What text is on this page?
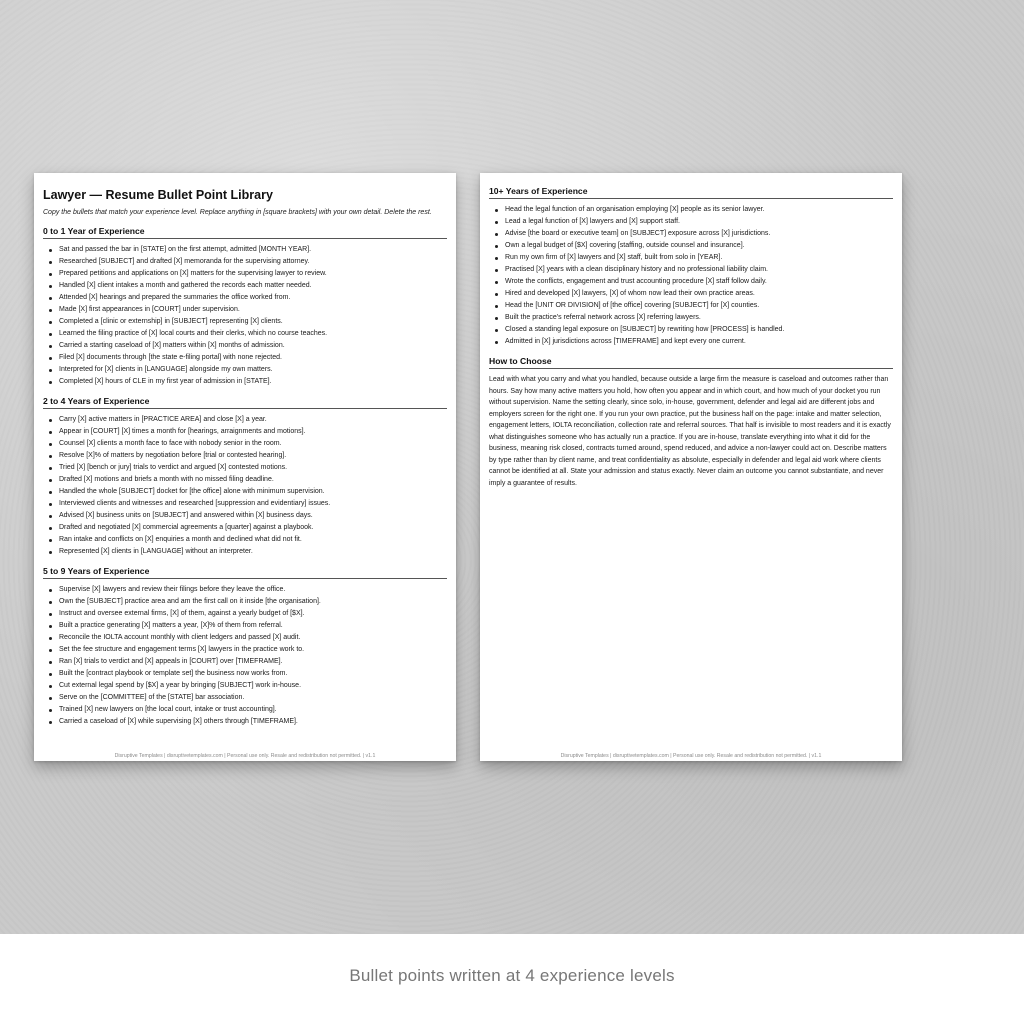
Lawyer — Resume Bullet Point Library
Copy the bullets that match your experience level. Replace anything in [square brackets] with your own detail. Delete the rest.
0 to 1 Year of Experience
Sat and passed the bar in [STATE] on the first attempt, admitted [MONTH YEAR].
Researched [SUBJECT] and drafted [X] memoranda for the supervising attorney.
Prepared petitions and applications on [X] matters for the supervising lawyer to review.
Handled [X] client intakes a month and gathered the records each matter needed.
Attended [X] hearings and prepared the summaries the office worked from.
Made [X] first appearances in [COURT] under supervision.
Completed a [clinic or externship] in [SUBJECT] representing [X] clients.
Learned the filing practice of [X] local courts and their clerks, which no course teaches.
Carried a starting caseload of [X] matters within [X] months of admission.
Filed [X] documents through [the state e-filing portal] with none rejected.
Interpreted for [X] clients in [LANGUAGE] alongside my own matters.
Completed [X] hours of CLE in my first year of admission in [STATE].
2 to 4 Years of Experience
Carry [X] active matters in [PRACTICE AREA] and close [X] a year.
Appear in [COURT] [X] times a month for [hearings, arraignments and motions].
Counsel [X] clients a month face to face with nobody senior in the room.
Resolve [X]% of matters by negotiation before [trial or contested hearing].
Tried [X] [bench or jury] trials to verdict and argued [X] contested motions.
Drafted [X] motions and briefs a month with no missed filing deadline.
Handled the whole [SUBJECT] docket for [the office] alone with minimum supervision.
Interviewed clients and witnesses and researched [suppression and evidentiary] issues.
Advised [X] business units on [SUBJECT] and answered within [X] business days.
Drafted and negotiated [X] commercial agreements a [quarter] against a playbook.
Ran intake and conflicts on [X] enquiries a month and declined what did not fit.
Represented [X] clients in [LANGUAGE] without an interpreter.
5 to 9 Years of Experience
Supervise [X] lawyers and review their filings before they leave the office.
Own the [SUBJECT] practice area and am the first call on it inside [the organisation].
Instruct and oversee external firms, [X] of them, against a yearly budget of [$X].
Built a practice generating [X] matters a year, [X]% of them from referral.
Reconcile the IOLTA account monthly with client ledgers and passed [X] audit.
Set the fee structure and engagement terms [X] lawyers in the practice work to.
Ran [X] trials to verdict and [X] appeals in [COURT] over [TIMEFRAME].
Built the [contract playbook or template set] the business now works from.
Cut external legal spend by [$X] a year by bringing [SUBJECT] work in-house.
Serve on the [COMMITTEE] of the [STATE] bar association.
Trained [X] new lawyers on [the local court, intake or trust accounting].
Carried a caseload of [X] while supervising [X] others through [TIMEFRAME].
Disruptive Templates | disruptivetemplates.com | Personal use only. Resale and redistribution not permitted. | v1.1
10+ Years of Experience
Head the legal function of an organisation employing [X] people as its senior lawyer.
Lead a legal function of [X] lawyers and [X] support staff.
Advise [the board or executive team] on [SUBJECT] exposure across [X] jurisdictions.
Own a legal budget of [$X] covering [staffing, outside counsel and insurance].
Run my own firm of [X] lawyers and [X] staff, built from solo in [YEAR].
Practised [X] years with a clean disciplinary history and no professional liability claim.
Wrote the conflicts, engagement and trust accounting procedure [X] staff follow daily.
Hired and developed [X] lawyers, [X] of whom now lead their own practice areas.
Head the [UNIT OR DIVISION] of [the office] covering [SUBJECT] for [X] counties.
Built the practice's referral network across [X] referring lawyers.
Closed a standing legal exposure on [SUBJECT] by rewriting how [PROCESS] is handled.
Admitted in [X] jurisdictions across [TIMEFRAME] and kept every one current.
How to Choose
Lead with what you carry and what you handled, because outside a large firm the measure is caseload and outcomes rather than hours. Say how many active matters you hold, how often you appear and in which court, and how much of your docket you run without supervision. Name the setting clearly, since solo, in-house, government, defender and legal aid are different jobs and employers screen for the right one. If you run your own practice, put the business half on the page: intake and matter selection, engagement letters, IOLTA reconciliation, collection rate and referral sources. That half is invisible to most readers and it is exactly what distinguishes someone who has actually run a practice. If you are in-house, translate everything into what it did for the business, meaning risk closed, contracts turned around, spend reduced, and advice a non-lawyer could act on. Describe matters by type rather than by client name, and treat confidentiality as absolute, especially in defender and legal aid work where clients cannot be identified at all. State your admission and status exactly. Never claim an outcome you cannot substantiate, and never imply a guarantee of results.
Disruptive Templates | disruptivetemplates.com | Personal use only. Resale and redistribution not permitted. | v1.1
Bullet points written at 4 experience levels
